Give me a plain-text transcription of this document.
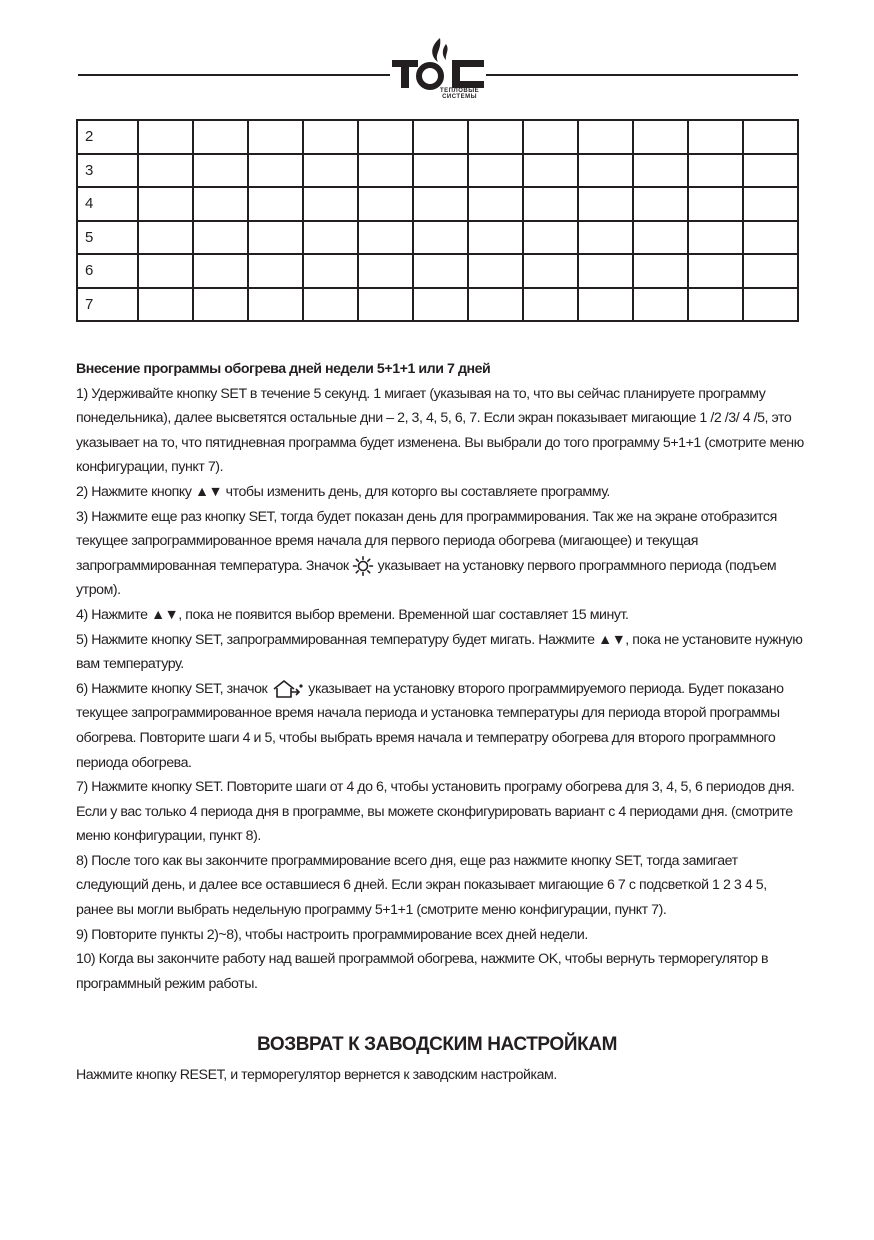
ТЕПЛОВЫЕ
СИСТЕМЫ
2												
3												
4												
5												
6												
7												

Внесение программы обогрева дней недели 5+1+1 или 7 дней

1) Удерживайте кнопку SET в течение 5 секунд. 1 мигает (указывая на то, что вы сейчас планируете программу понедельника), далее высветятся остальные дни – 2, 3, 4, 5, 6, 7. Если экран показывает мигающие 1 /2 /3/ 4 /5, это указывает на то, что пятидневная программа будет изменена. Вы выбрали до того программу 5+1+1 (смотрите меню конфигурации, пункт 7).

2) Нажмите кнопку ▲▼ чтобы изменить день, для которго вы составляете программу.

3) Нажмите еще раз кнопку SET, тогда будет показан день для программирования. Так же на экране отобразится текущее запрограммированное время начала для первого периода обогрева (мигающее) и текущая запрограммированная температура. Значок  указывает на установку первого программного периода (подъем утром).

4) Нажмите ▲▼, пока не появится выбор времени. Временной шаг составляет 15 минут.

5) Нажмите кнопку SET, запрограммированная температуру будет мигать. Нажмите ▲▼, пока не установите нужную вам температуру.

6) Нажмите кнопку SET, значок  указывает на установку второго программируемого периода. Будет показано текущее запрограммированное время начала периода и установка температуры для периода второй программы обогрева. Повторите шаги 4 и 5, чтобы выбрать время начала и температру обогрева для второго программного периода обогрева.

7) Нажмите кнопку SET. Повторите шаги от 4 до 6, чтобы установить програму обогрева для 3, 4, 5, 6 периодов дня. Если у вас только 4 периода дня в программе, вы можете сконфигурировать вариант с 4 периодами дня. (смотрите меню конфигурации, пункт 8).

8) После того как вы закончите программирование всего дня, еще раз нажмите кнопку SET, тогда замигает следующий день, и далее все оставшиеся 6 дней. Если экран показывает мигающие 6 7 с подсветкой 1 2 3 4 5, ранее вы могли выбрать недельную программу 5+1+1 (смотрите меню конфигурации, пункт 7).

9) Повторите пункты 2)~8), чтобы настроить программирование всех дней недели.

10) Когда вы закончите работу над вашей программой обогрева, нажмите OK, чтобы вернуть терморегулятор в программный режим работы.

ВОЗВРАТ К ЗАВОДСКИМ НАСТРОЙКАМ
Нажмите кнопку RESET, и терморегулятор вернется к заводским настройкам.
